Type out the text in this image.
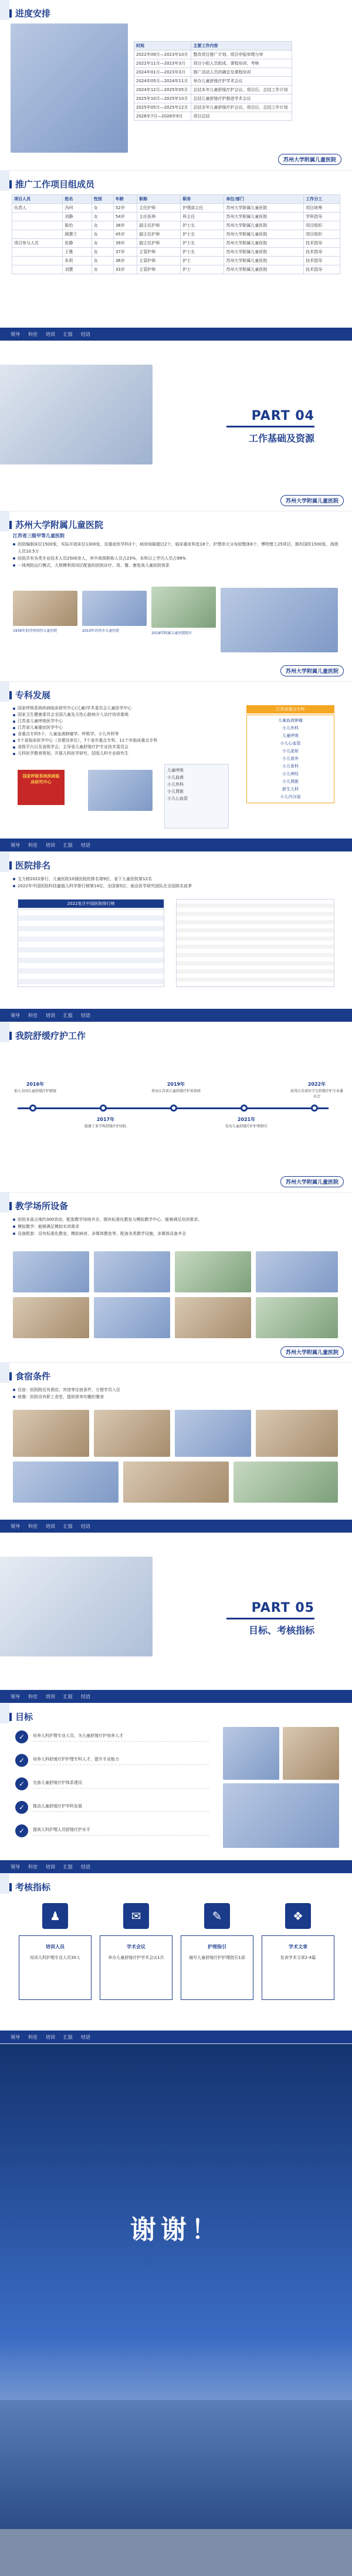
进度安排
时间	主要工作内容
2022年09月—2023年10月	整改项目推广计划、项目申报审理与审
2022年11月—2023年3月	项目小组人员组成、课程培训、考核
2024年01月—2023年3月	推广活动人员的确定及课程培训
2024年05月—2024年11月	举办儿童舒缓疗护学术会议
2024年12月—2025年05月	总结本年儿童舒缓疗护会议、项目后，总结工作计划
2025年10月—2025年10月	总结儿童舒缓疗护推进学术会议
2025年05月—2025年12月	总结全年儿童舒缓疗护会议，项目后，总结工作计划
2026年7月—2026年9月	项目总结
苏州大学附属儿童医院
推广工作项目组成员
项目人员	姓名	性别	年龄	职称	职务	单位/部门	工作分工
负责人	冯珂	女	52岁	主任护师	护理部主任	苏州大学附属儿童医院	项目统筹
	刘静	女	54岁	主任医师	科主任	苏州大学附属儿童医院	学科指导
	陈怡	女	38岁	副主任护师	护士长	苏州大学附属儿童医院	项目组织
	顾慧兰	女	45岁	副主任护师	护士长	苏州大学附属儿童医院	项目组织
项目参与人员	张静	女	39岁	副主任护师	护士长	苏州大学附属儿童医院	技术指导
	王雅	女	37岁	主管护师	护士长	苏州大学附属儿童医院	技术指导
	朱莉	女	36岁	主管护师	护士	苏州大学附属儿童医院	技术指导
	刘慧	女	33岁	主管护师	护士	苏州大学附属儿童医院	技术指导
领导 科室 培训 汇报 结语
PART 04
工作基础及资源
苏州大学附属儿童医院
苏州大学附属儿童医院
江苏省三级甲等儿童医院
医院编制床位1500张，实际开放床位1300张，设重症医学科3个，病房间隙超过2个，临床重症科室18个，护理单元分布较整体6个，博特理工25项目，拥有国医1500张，高级人员10.5万
医院共有各类专业技术人员2500余人，其中高级职称人员占23%，本科以上学历人员占98%
一体两院运行模式，大规模利用同区配套的医院诊疗、用、餐、康复高儿童医院体系
1936年前苏州国历儿童医院	2010年苏州市儿童医院
2018年附属儿童医院院区
苏州大学附属儿童医院
专科发展
国家呼吸系统疾病临床研究中心(儿童)学术委员会儿童医学中心
国家卫生健康委员会全国儿童先天性心脏病介入治疗培训基地
江苏省儿童呼吸医学中心
江苏省儿童重症医学中心
省重点专科5个，儿童血液肿瘤学、呼吸学、小儿外科等
5个省临床医学中心（含建设单位），7个省市重点专科，11个市临床重点专科
省级平台以及省级学会，主导省儿童舒缓疗护专业技术委员会
儿科医学教育规划，开展儿科医学研究，招收儿科专业研究生
国家呼吸系统疾病临床研究中心
儿童呼吸
小儿血液
小儿外科
小儿肾脏
小儿心血管
江苏省重点专科
儿童血液肿瘤
小儿外科
儿童呼吸
小儿心血管
小儿泌尿
小儿普外
小儿骨科
小儿神经
小儿肾脏
新生儿科
小儿内分泌
领导 科室 培训 汇报 结语
医院排名
艾力榜2022排行，儿童医院10强医院的排名第9位，省下儿童医院第12名
2022年中国医院科技量值儿科学排行榜第14位，全国第5位，南京医学研究团队在全国排名前茅
2022复旦中国医院排行榜
领导 科室 培训 汇报 结语
我院舒缓疗护工作
2016年
加入全国儿童舒缓疗护联盟
2017年
组建了多学科舒缓疗护团队
2019年
举办江苏省儿童舒缓疗护培训班
2021年
发布儿童舒缓疗护护理指引
2022年
获得江苏省医学会舒缓疗护专业委员会
苏州大学附属儿童医院
教学场所设备
医院本部占地约300余亩，配套教学场地齐全，拥有标准化教室与模拟教学中心，能够满足培训需求。
模拟教学：能够满足模拟实训需求
设备配套：设有标准化教室、模拟病房、多媒体教室等，配备各类教学设施，多媒体设备齐全
苏州大学附属儿童医院
食宿条件
住宿：医院附近有酒店、宾馆等住宿条件，方便学员入住
就餐：医院设有职工食堂，提供营养均衡的餐食
领导 科室 培训 汇报 结语
PART 05
目标、考核指标
领导 科室 培训 汇报 结语
目标
✓	培养儿科护理专业人员，为儿童舒缓疗护培养人才
✓	培养儿科舒缓疗护护理专科人才，提升专业能力
✓	完善儿童舒缓疗护体系建设
✓	推动儿童舒缓疗护学科发展
✓	提高儿科护理人员舒缓疗护水平
领导 科室 培训 汇报 结语
考核指标
♟
培训人员
培训儿科护理专业人员30人
✉
学术会议
举办儿童舒缓疗护学术会议1次
✎
护理指引
编写儿童舒缓疗护护理指引1部
❖
学术文章
发表学术文章2-4篇
领导 科室 培训 汇报 结语
谢谢！
